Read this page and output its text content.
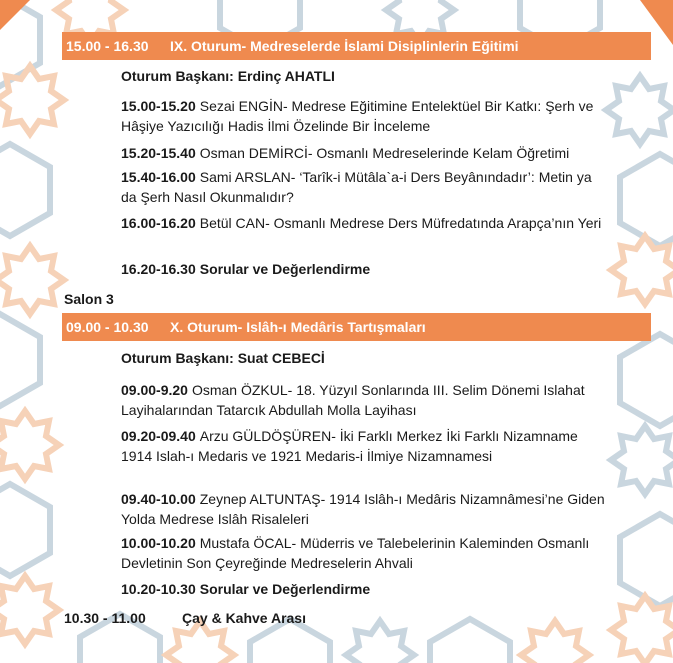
15.00 - 16.30 IX. Oturum- Medreselerde İslami Disiplinlerin Eğitimi
Oturum Başkanı: Erdinç AHATLI
15.00-15.20 Sezai ENGİN- Medrese Eğitimine Entelektüel Bir Katkı: Şerh ve Hâşiye Yazıcılığı Hadis İlmi Özelinde Bir İnceleme
15.20-15.40 Osman DEMİRCİ- Osmanlı Medreselerinde Kelam Öğretimi
15.40-16.00 Sami ARSLAN- ‘Tarîk-i Mütâla`a-i Ders Beyânındadır’: Metin ya da Şerh Nasıl Okunmalıdır?
16.00-16.20 Betül CAN- Osmanlı Medrese Ders Müfredatında Arapça’nın Yeri
16.20-16.30 Sorular ve Değerlendirme
Salon 3
09.00 - 10.30 X. Oturum- Islâh-ı Medâris Tartışmaları
Oturum Başkanı: Suat CEBECİ
09.00-9.20 Osman ÖZKUL- 18. Yüzyıl Sonlarında III. Selim Dönemi Islahat Layihalarından Tatarcık Abdullah Molla Layihası
09.20-09.40 Arzu GÜLDÖŞÜREN- İki Farklı Merkez İki Farklı Nizamname 1914 Islah-ı Medaris ve 1921 Medaris-i İlmiye Nizamnamesi
09.40-10.00 Zeynep ALTUNTAŞ- 1914 Islâh-ı Medâris Nizamnâmesi’ne Giden Yolda Medrese Islâh Risaleleri
10.00-10.20 Mustafa ÖCAL- Müderris ve Talebelerinin Kaleminden Osmanlı Devletinin Son Çeyreğinde Medreselerin Ahvali
10.20-10.30 Sorular ve Değerlendirme
10.30 - 11.00	Çay & Kahve Arası
